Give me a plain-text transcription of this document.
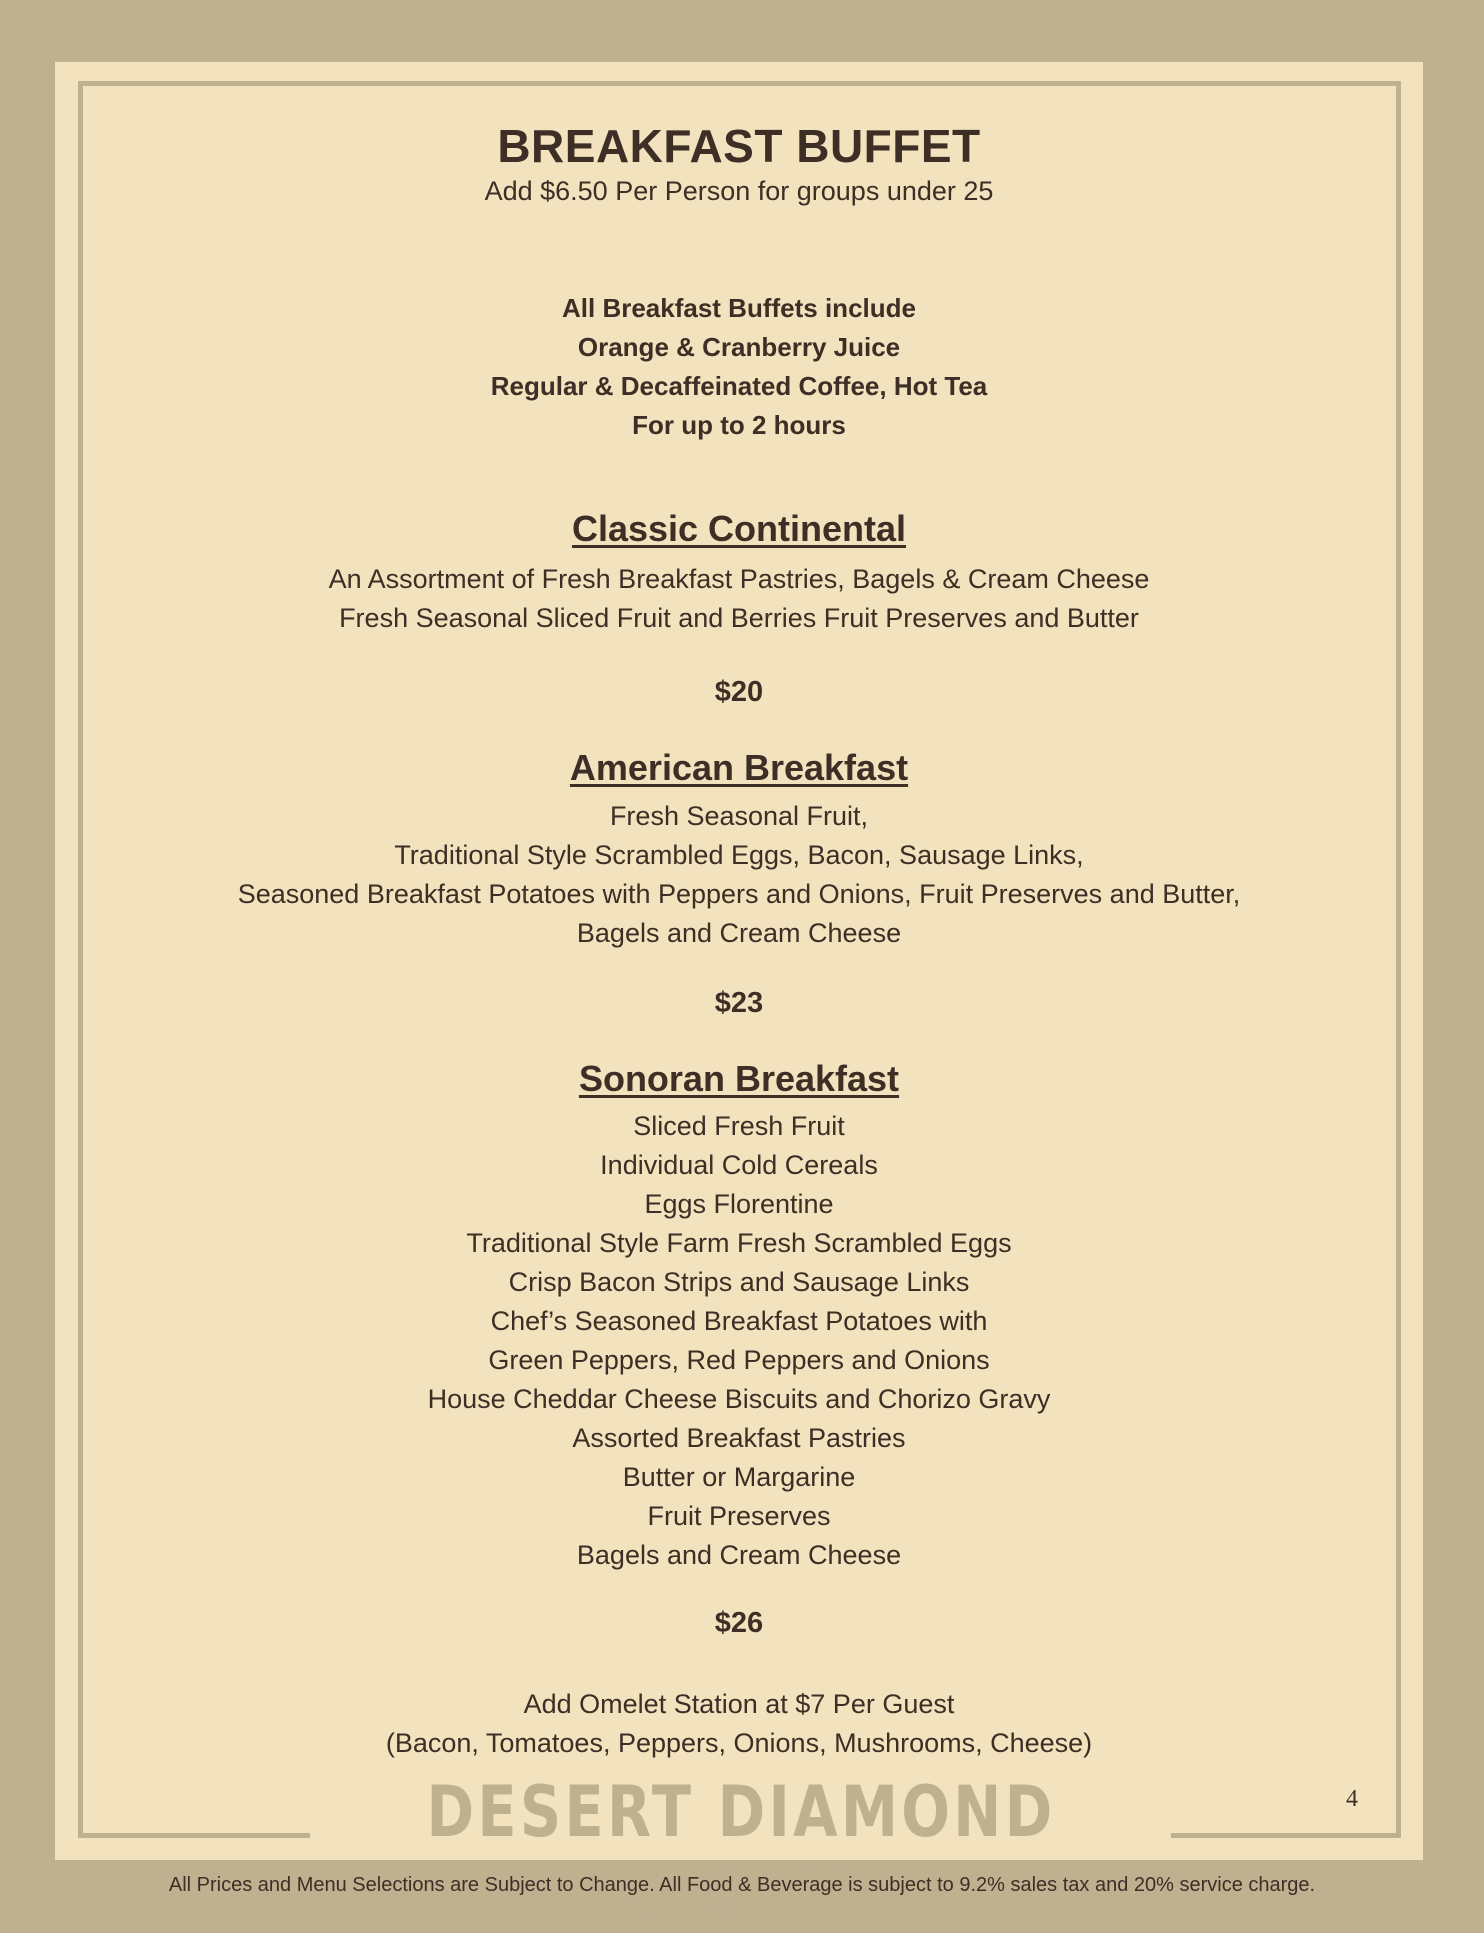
BREAKFAST BUFFET
Add $6.50 Per Person for groups under 25
All Breakfast Buffets include
Orange & Cranberry Juice
Regular & Decaffeinated Coffee, Hot Tea
For up to 2 hours
Classic Continental
An Assortment of Fresh Breakfast Pastries, Bagels & Cream Cheese
Fresh Seasonal Sliced Fruit and Berries Fruit Preserves and Butter
$20
American Breakfast
Fresh Seasonal Fruit,
Traditional Style Scrambled Eggs, Bacon, Sausage Links,
Seasoned Breakfast Potatoes with Peppers and Onions, Fruit Preserves and Butter,
Bagels and Cream Cheese
$23
Sonoran Breakfast
Sliced Fresh Fruit
Individual Cold Cereals
Eggs Florentine
Traditional Style Farm Fresh Scrambled Eggs
Crisp Bacon Strips and Sausage Links
Chef’s Seasoned Breakfast Potatoes with
Green Peppers, Red Peppers and Onions
House Cheddar Cheese Biscuits and Chorizo Gravy
Assorted Breakfast Pastries
Butter or Margarine
Fruit Preserves
Bagels and Cream Cheese
$26
Add Omelet Station at $7 Per Guest
(Bacon, Tomatoes, Peppers, Onions, Mushrooms, Cheese)
DESERT DIAMOND CASINOS
4
All Prices and Menu Selections are Subject to Change. All Food & Beverage is subject to 9.2% sales tax and 20% service charge.
